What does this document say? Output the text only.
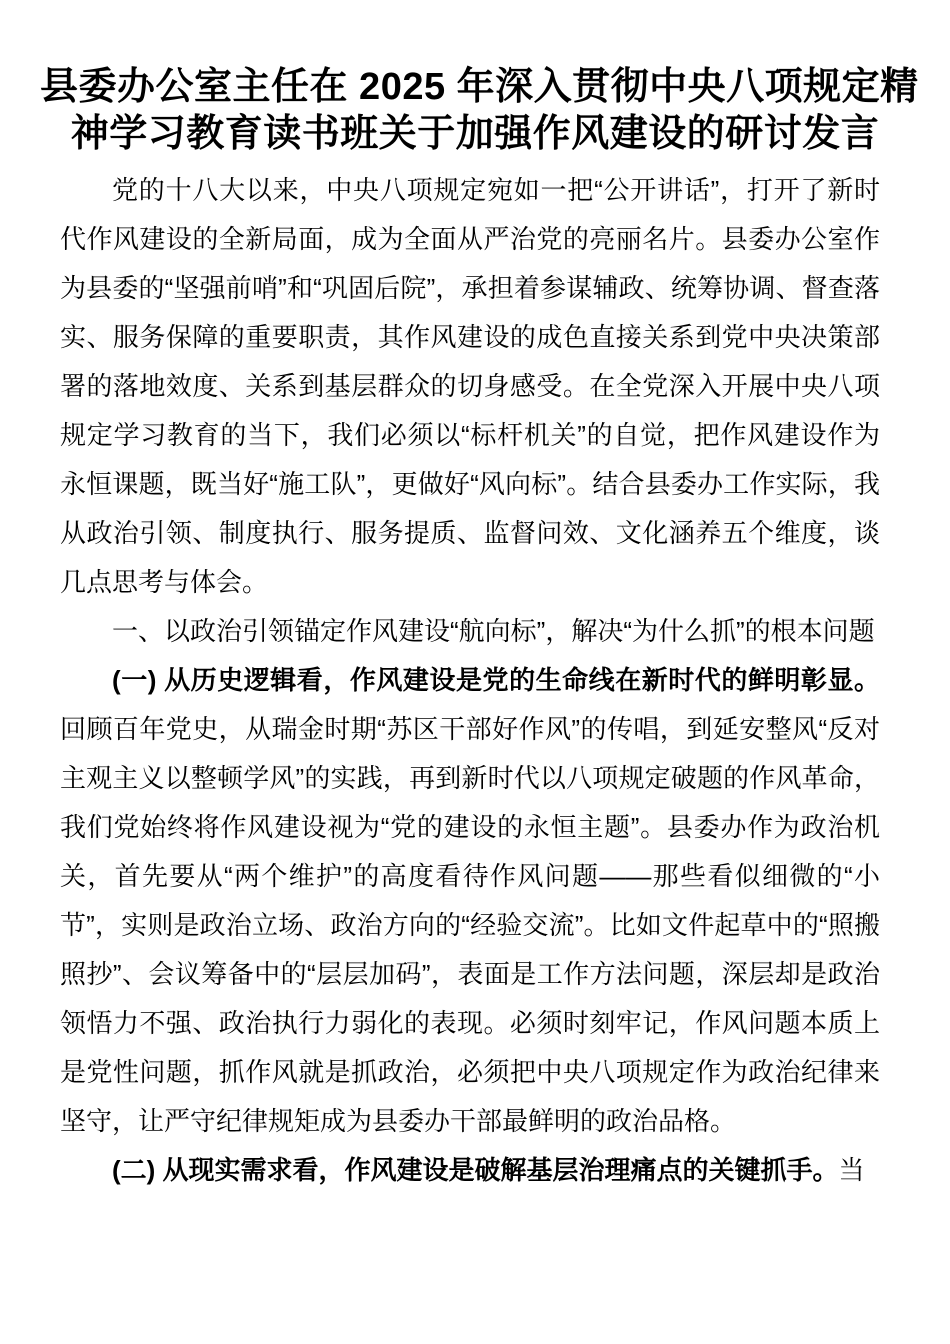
县委办公室主任在 2025 年深入贯彻中央八项规定精
神学习教育读书班关于加强作风建设的研讨发言

党的十八大以来，中央八项规定宛如一把“公开讲话”，打开了新时代作风建设的全新局面，成为全面从严治党的亮丽名片。县委办公室作为县委的“坚强前哨”和“巩固后院”，承担着参谋辅政、统筹协调、督查落实、服务保障的重要职责，其作风建设的成色直接关系到党中央决策部署的落地效度、关系到基层群众的切身感受。在全党深入开展中央八项规定学习教育的当下，我们必须以“标杆机关”的自觉，把作风建设作为永恒课题，既当好“施工队”，更做好“风向标”。结合县委办工作实际，我从政治引领、制度执行、服务提质、监督问效、文化涵养五个维度，谈几点思考与体会。

一、以政治引领锚定作风建设“航向标”，解决“为什么抓”的根本问题

(一) 从历史逻辑看，作风建设是党的生命线在新时代的鲜明彰显。回顾百年党史，从瑞金时期“苏区干部好作风”的传唱，到延安整风“反对主观主义以整顿学风”的实践，再到新时代以八项规定破题的作风革命，我们党始终将作风建设视为“党的建设的永恒主题”。县委办作为政治机关，首先要从“两个维护”的高度看待作风问题——那些看似细微的“小节”，实则是政治立场、政治方向的“经验交流”。比如文件起草中的“照搬照抄”、会议筹备中的“层层加码”，表面是工作方法问题，深层却是政治领悟力不强、政治执行力弱化的表现。必须时刻牢记，作风问题本质上是党性问题，抓作风就是抓政治，必须把中央八项规定作为政治纪律来坚守，让严守纪律规矩成为县委办干部最鲜明的政治品格。

(二) 从现实需求看，作风建设是破解基层治理痛点的关键抓手。当
